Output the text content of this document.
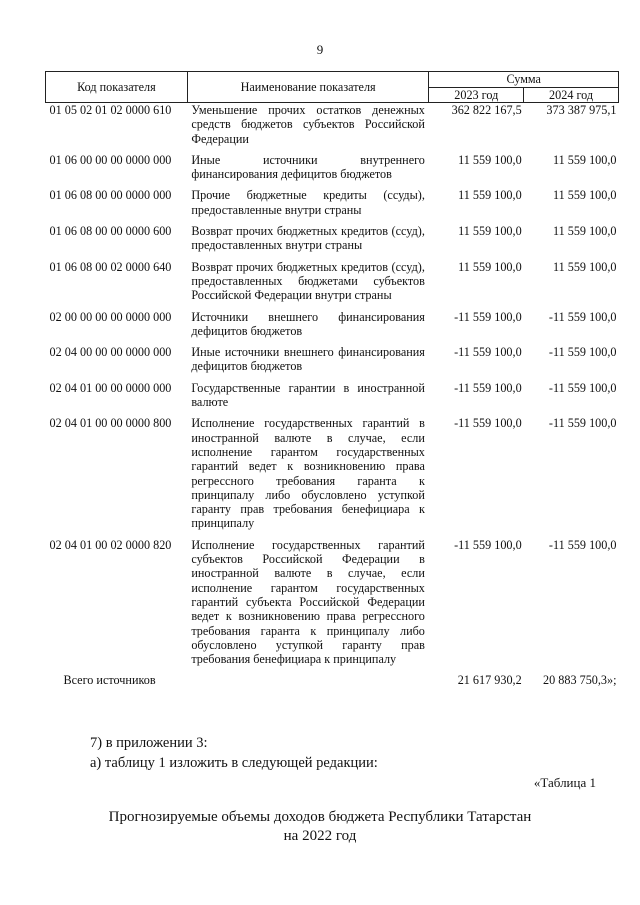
9
Код показателя	Наименование показателя	Сумма	
		2023 год	2024 год
01 05 02 01 02 0000 610	Уменьшение прочих остатков денежных средств бюджетов субъектов Российской Федерации	362 822 167,5	373 387 975,1
01 06 00 00 00 0000 000	Иные источники внутреннего финансирования дефицитов бюджетов	11 559 100,0	11 559 100,0
01 06 08 00 00 0000 000	Прочие бюджетные кредиты (ссуды), предоставленные внутри страны	11 559 100,0	11 559 100,0
01 06 08 00 00 0000 600	Возврат прочих бюджетных кредитов (ссуд), предоставленных внутри страны	11 559 100,0	11 559 100,0
01 06 08 00 02 0000 640	Возврат прочих бюджетных кредитов (ссуд), предоставленных бюджетами субъектов Российской Федерации внутри страны	11 559 100,0	11 559 100,0
02 00 00 00 00 0000 000	Источники внешнего финансирования дефицитов бюджетов	-11 559 100,0	-11 559 100,0
02 04 00 00 00 0000 000	Иные источники внешнего финансирования дефицитов бюджетов	-11 559 100,0	-11 559 100,0
02 04 01 00 00 0000 000	Государственные гарантии в иностранной валюте	-11 559 100,0	-11 559 100,0
02 04 01 00 00 0000 800	Исполнение государственных гарантий в иностранной валюте в случае, если исполнение гарантом государственных гарантий ведет к возникновению права регрессного требования гаранта к принципалу либо обусловлено уступкой гаранту прав требования бенефициара к принципалу	-11 559 100,0	-11 559 100,0
02 04 01 00 02 0000 820	Исполнение государственных гарантий субъектов Российской Федерации в иностранной валюте в случае, если исполнение гарантом государственных гарантий субъекта Российской Федерации ведет к возникновению права регрессного требования гаранта к принципалу либо обусловлено уступкой гаранту прав требования бенефициара к принципалу	-11 559 100,0	-11 559 100,0
Всего источников		21 617 930,2	20 883 750,3»;
7) в приложении 3:
а) таблицу 1 изложить в следующей редакции:
«Таблица 1
Прогнозируемые объемы доходов бюджета Республики Татарстан
на 2022 год
